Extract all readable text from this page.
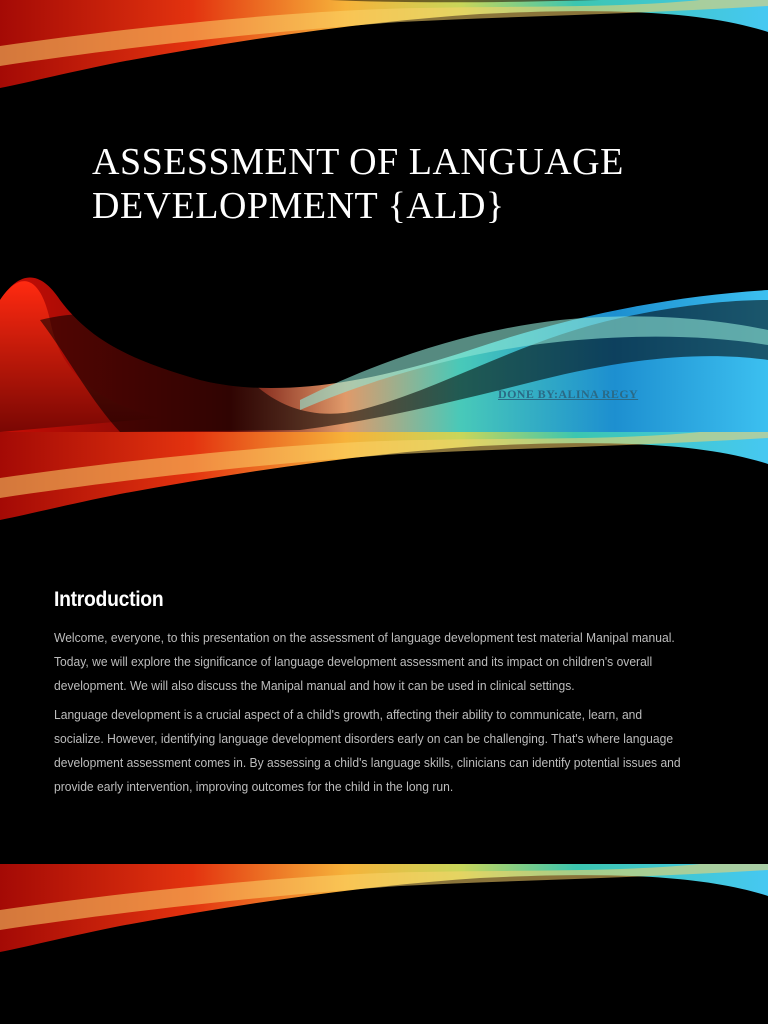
ASSESSMENT OF LANGUAGE
DEVELOPMENT {ALD}
DONE BY:ALINA REGY
Introduction

Welcome, everyone, to this presentation on the assessment of language development test material Manipal manual.
Today, we will explore the significance of language development assessment and its impact on children's overall
development. We will also discuss the Manipal manual and how it can be used in clinical settings.

Language development is a crucial aspect of a child's growth, affecting their ability to communicate, learn, and
socialize. However, identifying language development disorders early on can be challenging. That's where language
development assessment comes in. By assessing a child's language skills, clinicians can identify potential issues and
provide early intervention, improving outcomes for the child in the long run.
